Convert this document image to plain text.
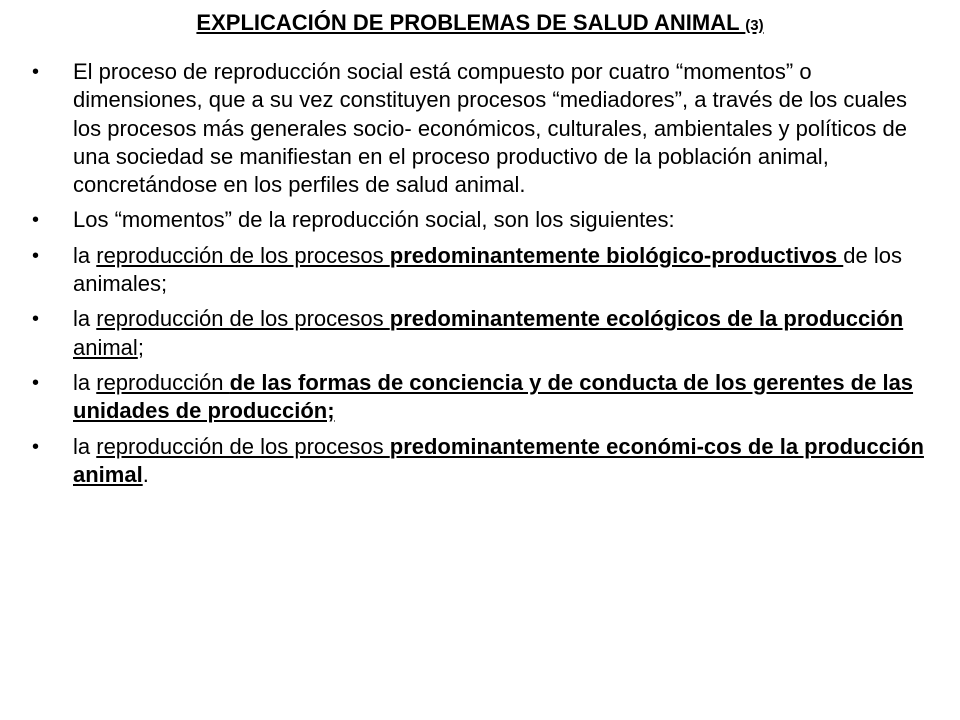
EXPLICACIÓN DE PROBLEMAS DE SALUD ANIMAL (3)
•	El proceso de reproducción social está compuesto por cuatro “momentos” o dimensiones, que a su vez constituyen procesos “mediadores”, a través de los cuales los procesos más generales socio- económicos, culturales, ambientales y políticos de una sociedad se manifiestan en el proceso productivo de la población animal, concretándose en los perfiles de salud animal.
•	Los “momentos” de la reproducción social, son los siguientes:
•	la reproducción de los procesos predominantemente biológico-productivos de los animales;
•	la reproducción de los procesos predominantemente ecológicos de la producción animal;
•	la reproducción de las formas de conciencia y de conducta de los gerentes de las unidades de producción;
•	la reproducción de los procesos predominantemente económi-cos de la producción animal.
